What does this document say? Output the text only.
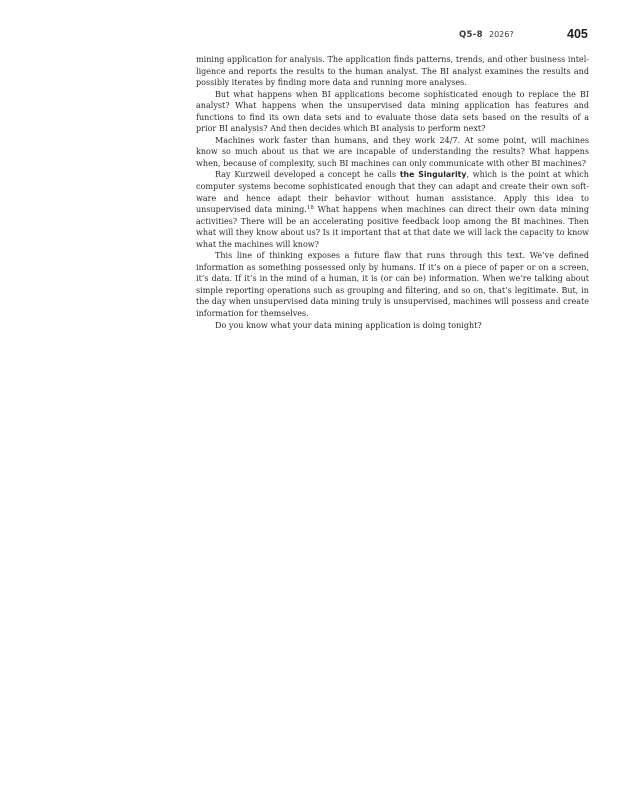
Q5-8 2026?	405

mining application for analysis. The application finds patterns, trends, and other business intelligence and reports the results to the human analyst. The BI analyst examines the results and possibly iterates by finding more data and running more analyses.

But what happens when BI applications become sophisticated enough to replace the BI analyst? What happens when the unsupervised data mining application has features and functions to find its own data sets and to evaluate those data sets based on the results of a prior BI analysis? And then decides which BI analysis to perform next?

Machines work faster than humans, and they work 24/7. At some point, will machines know so much about us that we are incapable of understanding the results? What happens when, because of complexity, such BI machines can only communicate with other BI machines?

Ray Kurzweil developed a concept he calls the Singularity, which is the point at which computer systems become sophisticated enough that they can adapt and create their own software and hence adapt their behavior without human assistance. Apply this idea to unsupervised data mining.$^{18}$ What happens when machines can direct their own data mining activities? There will be an accelerating positive feedback loop among the BI machines. Then what will they know about us? Is it important that at that date we will lack the capacity to know what the machines will know?

This line of thinking exposes a future flaw that runs through this text. We’ve defined information as something possessed only by humans. If it’s on a piece of paper or on a screen, it’s data. If it’s in the mind of a human, it is (or can be) information. When we’re talking about simple reporting operations such as grouping and filtering, and so on, that’s legitimate. But, in the day when unsupervised data mining truly is unsupervised, machines will possess and create information for themselves.

Do you know what your data mining application is doing tonight?
